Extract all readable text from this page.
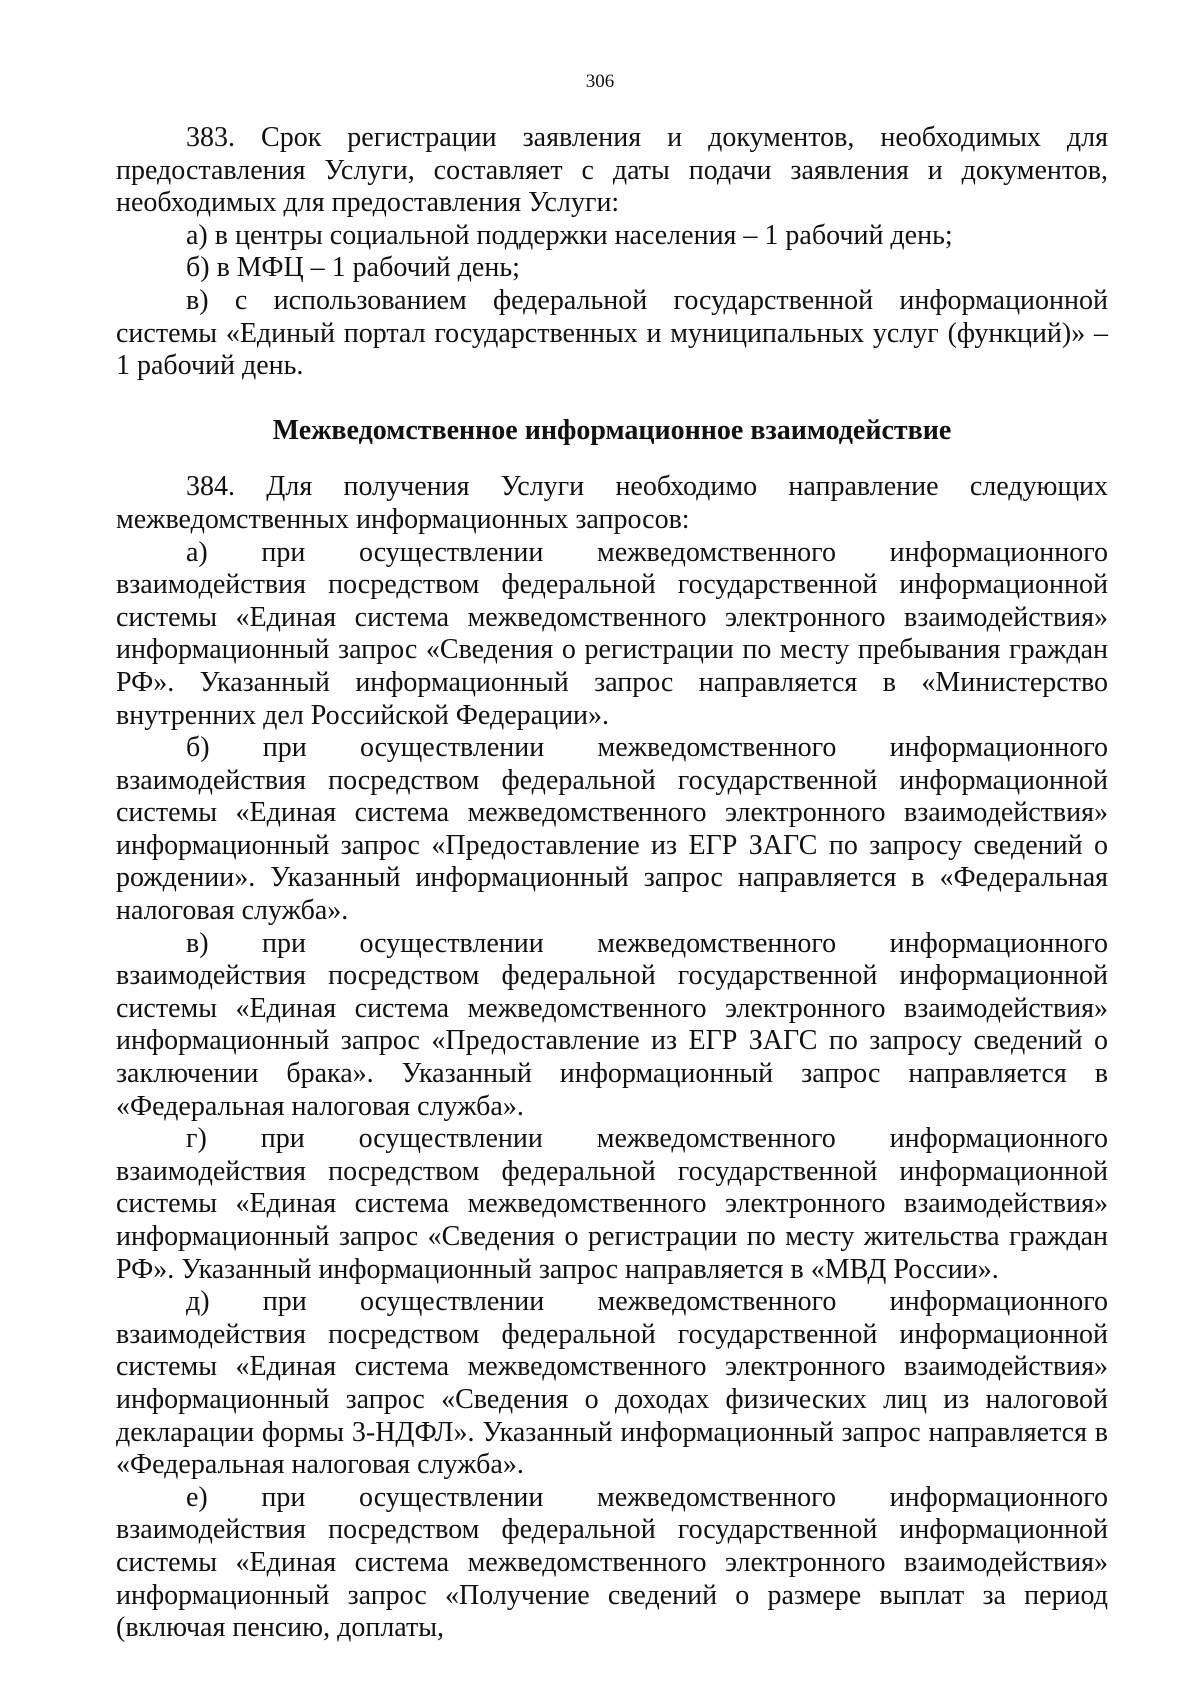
306

383. Срок регистрации заявления и документов, необходимых для предоставления Услуги, составляет с даты подачи заявления и документов, необходимых для предоставления Услуги:

а) в центры социальной поддержки населения – 1 рабочий день;

б) в МФЦ – 1 рабочий день;

в) с использованием федеральной государственной информационной системы «Единый портал государственных и муниципальных услуг (функций)» – 1 рабочий день.

Межведомственное информационное взаимодействие

384. Для получения Услуги необходимо направление следующих межведомственных информационных запросов:

а) при осуществлении межведомственного информационного взаимодействия посредством федеральной государственной информационной системы «Единая система межведомственного электронного взаимодействия» информационный запрос «Сведения о регистрации по месту пребывания граждан РФ». Указанный информационный запрос направляется в «Министерство внутренних дел Российской Федерации».

б) при осуществлении межведомственного информационного взаимодействия посредством федеральной государственной информационной системы «Единая система межведомственного электронного взаимодействия» информационный запрос «Предоставление из ЕГР ЗАГС по запросу сведений о рождении». Указанный информационный запрос направляется в «Федеральная налоговая служба».

в) при осуществлении межведомственного информационного взаимодействия посредством федеральной государственной информационной системы «Единая система межведомственного электронного взаимодействия» информационный запрос «Предоставление из ЕГР ЗАГС по запросу сведений о заключении брака». Указанный информационный запрос направляется в «Федеральная налоговая служба».

г) при осуществлении межведомственного информационного взаимодействия посредством федеральной государственной информационной системы «Единая система межведомственного электронного взаимодействия» информационный запрос «Сведения о регистрации по месту жительства граждан РФ». Указанный информационный запрос направляется в «МВД России».

д) при осуществлении межведомственного информационного взаимодействия посредством федеральной государственной информационной системы «Единая система межведомственного электронного взаимодействия» информационный запрос «Сведения о доходах физических лиц из налоговой декларации формы 3-НДФЛ». Указанный информационный запрос направляется в «Федеральная налоговая служба».

е) при осуществлении межведомственного информационного взаимодействия посредством федеральной государственной информационной системы «Единая система межведомственного электронного взаимодействия» информационный запрос «Получение сведений о размере выплат за период (включая пенсию, доплаты,
